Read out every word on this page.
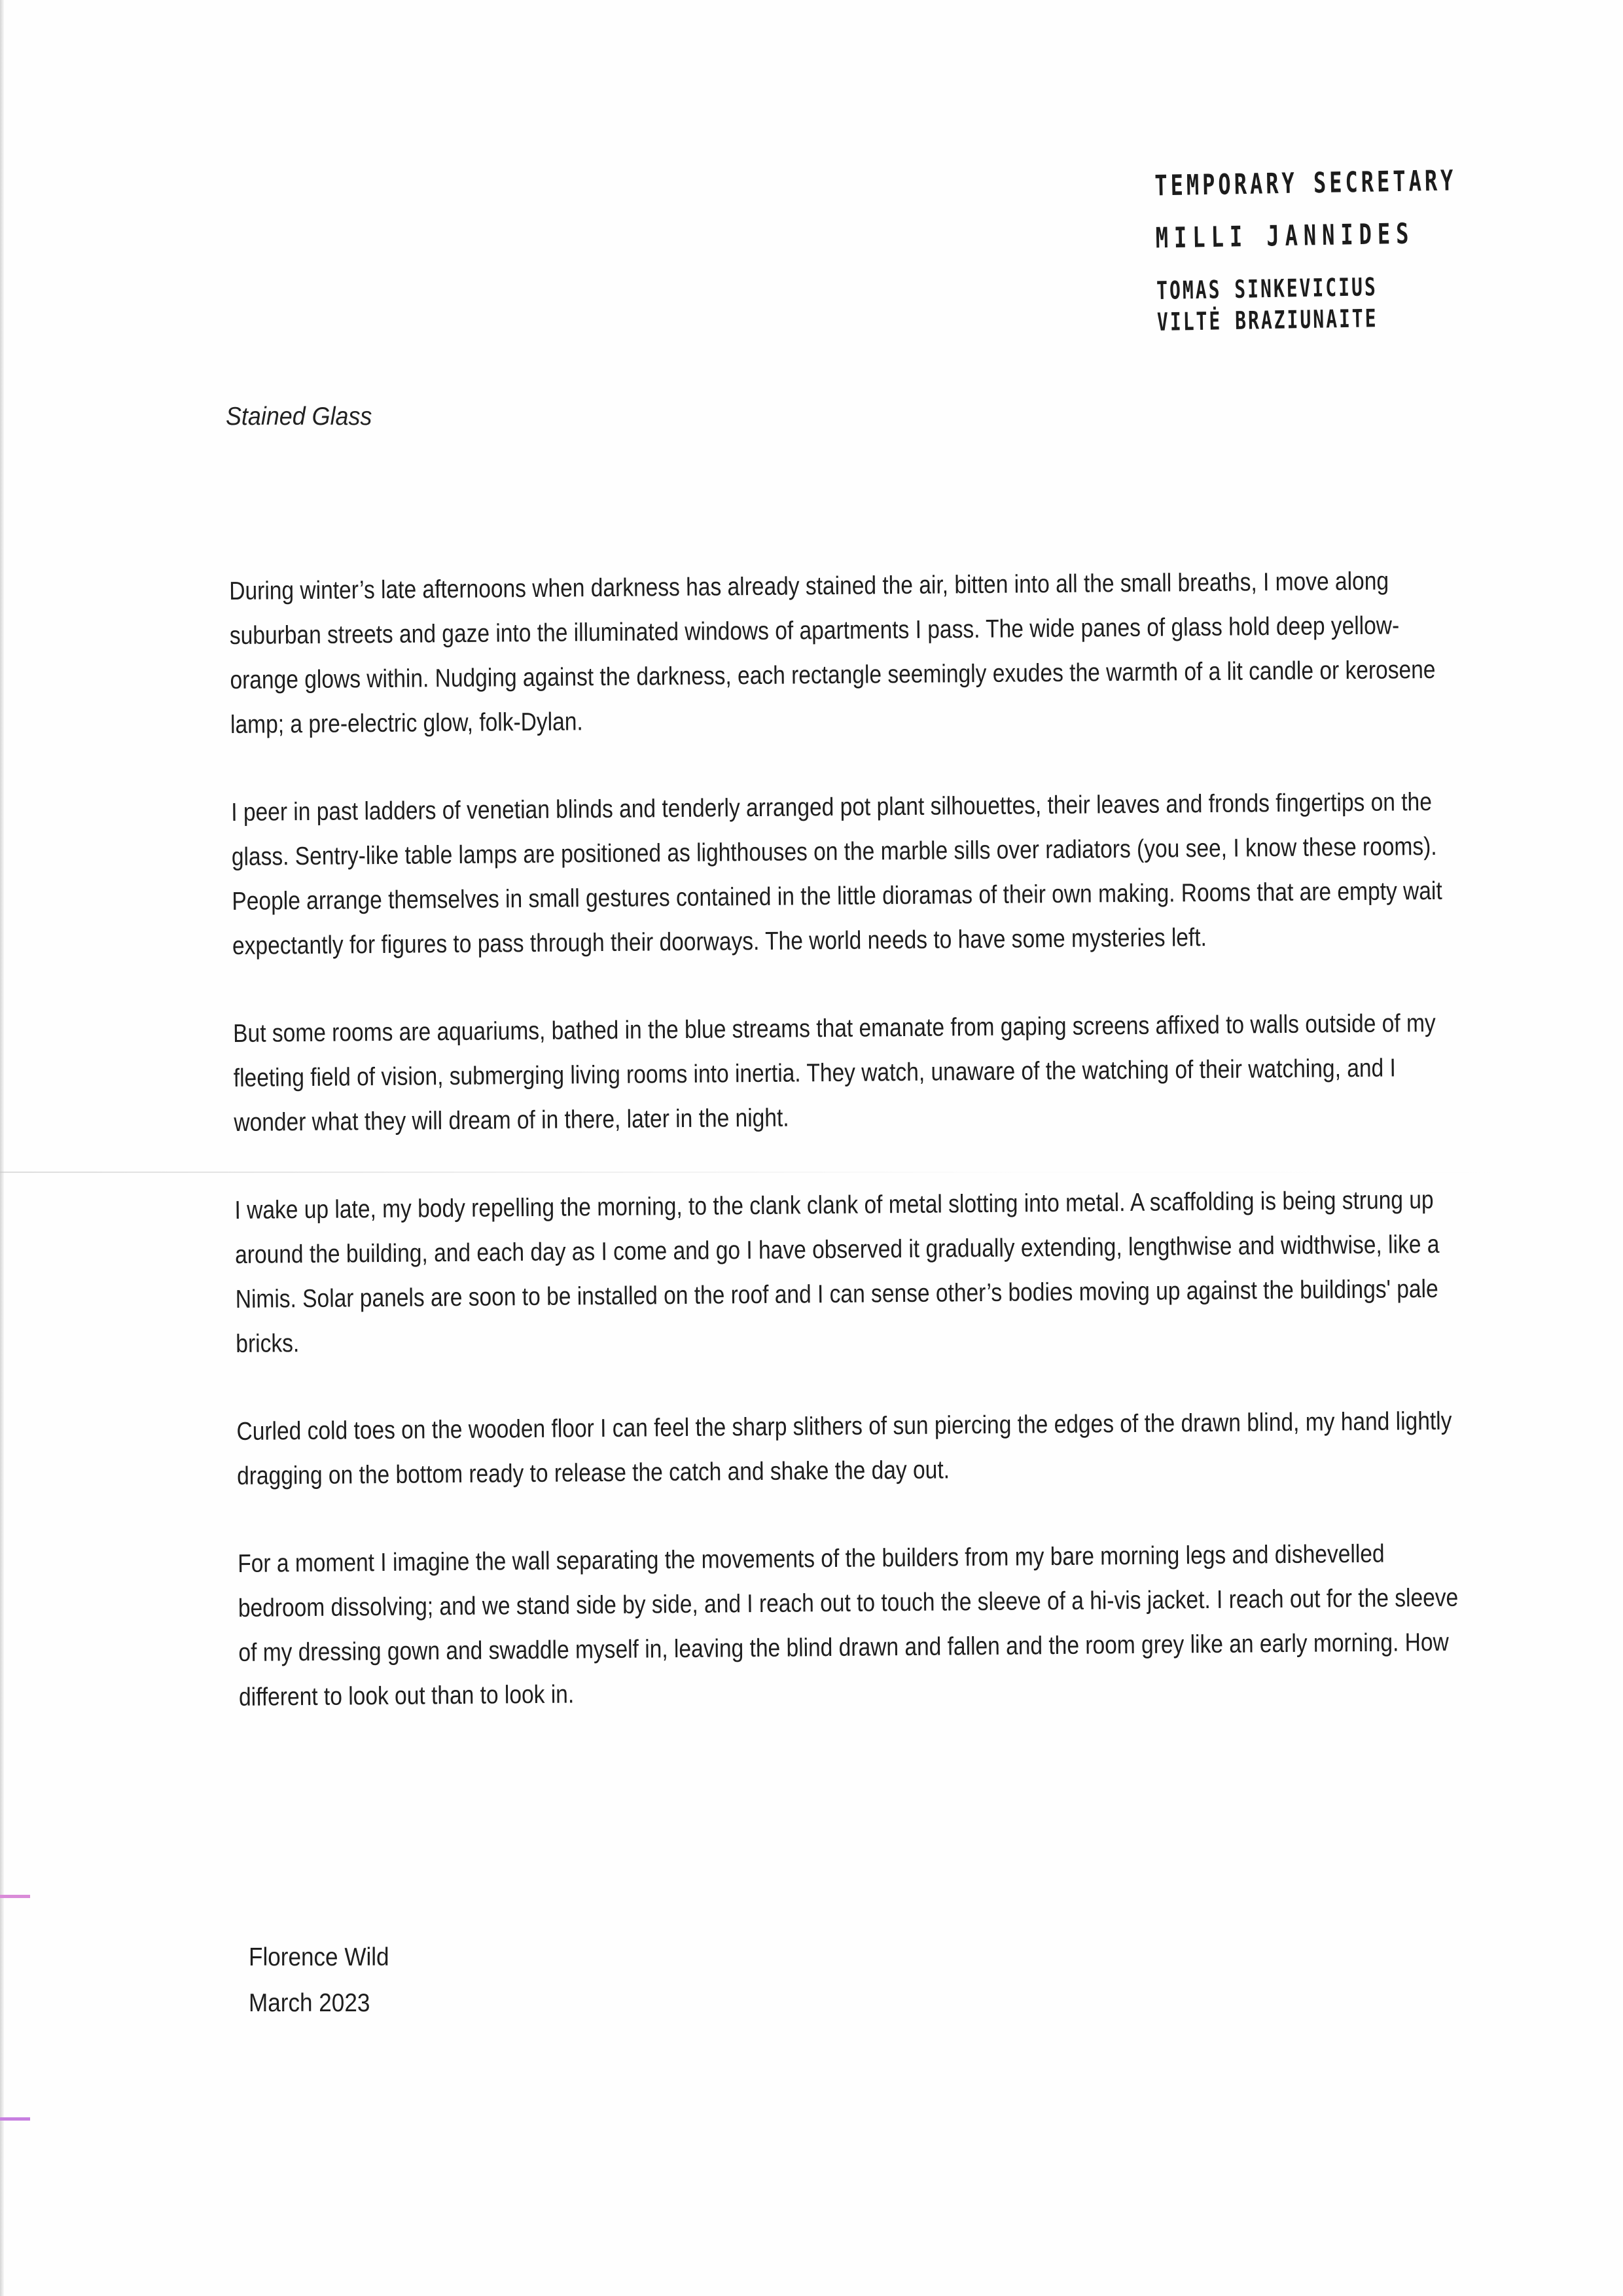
TEMPORARY SECRETARY
MILLI JANNIDES
TOMAS SINKEVICIUS
VILTĖ BRAZIUNAITE
Stained Glass

During winter’s late afternoons when darkness has already stained the air, bitten into all the small breaths, I move along suburban streets and gaze into the illuminated windows of apartments I pass. The wide panes of glass hold deep yellow-orange glows within. Nudging against the darkness, each rectangle seemingly exudes the warmth of a lit candle or kerosene lamp; a pre-electric glow, folk-Dylan.

I peer in past ladders of venetian blinds and tenderly arranged pot plant silhouettes, their leaves and fronds fingertips on the glass. Sentry-like table lamps are positioned as lighthouses on the marble sills over radiators (you see, I know these rooms). People arrange themselves in small gestures contained in the little dioramas of their own making. Rooms that are empty wait expectantly for figures to pass through their doorways. The world needs to have some mysteries left.

But some rooms are aquariums, bathed in the blue streams that emanate from gaping screens affixed to walls outside of my fleeting field of vision, submerging living rooms into inertia. They watch, unaware of the watching of their watching, and I wonder what they will dream of in there, later in the night.

I wake up late, my body repelling the morning, to the clank clank of metal slotting into metal. A scaffolding is being strung up around the building, and each day as I come and go I have observed it gradually extending, lengthwise and widthwise, like a Nimis. Solar panels are soon to be installed on the roof and I can sense other’s bodies moving up against the buildings' pale bricks.

Curled cold toes on the wooden floor I can feel the sharp slithers of sun piercing the edges of the drawn blind, my hand lightly dragging on the bottom ready to release the catch and shake the day out.

For a moment I imagine the wall separating the movements of the builders from my bare morning legs and dishevelled bedroom dissolving; and we stand side by side, and I reach out to touch the sleeve of a hi-vis jacket. I reach out for the sleeve of my dressing gown and swaddle myself in, leaving the blind drawn and fallen and the room grey like an early morning. How different to look out than to look in.

Florence Wild
March 2023
